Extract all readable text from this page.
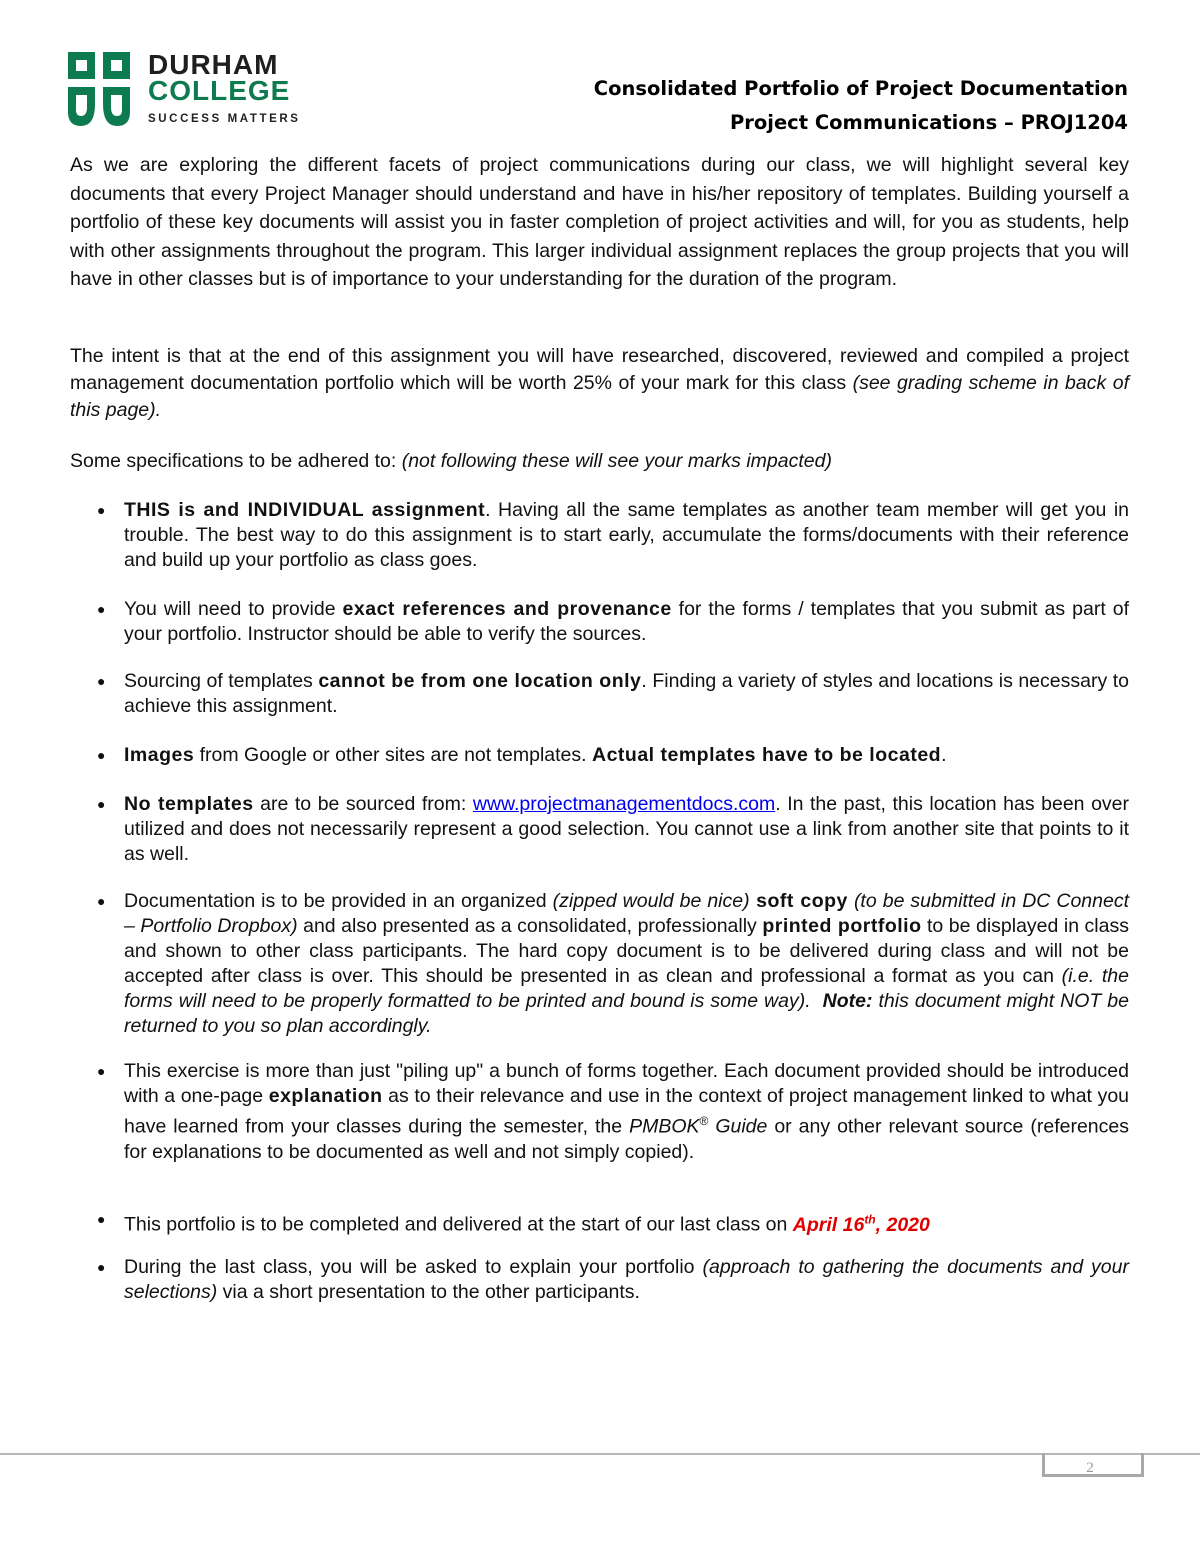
DURHAM
COLLEGE
SUCCESS MATTERS
Consolidated Portfolio of Project Documentation
Project Communications – PROJ1204

As we are exploring the different facets of project communications during our class, we will highlight several key documents that every Project Manager should understand and have in his/her repository of templates. Building yourself a portfolio of these key documents will assist you in faster completion of project activities and will, for you as students, help with other assignments throughout the program. This larger individual assignment replaces the group projects that you will have in other classes but is of importance to your understanding for the duration of the program.

The intent is that at the end of this assignment you will have researched, discovered, reviewed and compiled a project management documentation portfolio which will be worth 25% of your mark for this class (see grading scheme in back of this page).

Some specifications to be adhered to: (not following these will see your marks impacted)

● THIS is and INDIVIDUAL assignment. Having all the same templates as another team member will get you in trouble. The best way to do this assignment is to start early, accumulate the forms/documents with their reference and build up your portfolio as class goes.

● You will need to provide exact references and provenance for the forms / templates that you submit as part of your portfolio. Instructor should be able to verify the sources.

● Sourcing of templates cannot be from one location only. Finding a variety of styles and locations is necessary to achieve this assignment.

● Images from Google or other sites are not templates. Actual templates have to be located.

● No templates are to be sourced from: www.projectmanagementdocs.com. In the past, this location has been over utilized and does not necessarily represent a good selection. You cannot use a link from another site that points to it as well.

● Documentation is to be provided in an organized (zipped would be nice) soft copy (to be submitted in DC Connect – Portfolio Dropbox) and also presented as a consolidated, professionally printed portfolio to be displayed in class and shown to other class participants. The hard copy document is to be delivered during class and will not be accepted after class is over. This should be presented in as clean and professional a format as you can (i.e. the forms will need to be properly formatted to be printed and bound is some way). Note: this document might NOT be returned to you so plan accordingly.

● This exercise is more than just "piling up" a bunch of forms together. Each document provided should be introduced with a one-page explanation as to their relevance and use in the context of project management linked to what you have learned from your classes during the semester, the PMBOK® Guide or any other relevant source (references for explanations to be documented as well and not simply copied).

● This portfolio is to be completed and delivered at the start of our last class on April 16th, 2020

● During the last class, you will be asked to explain your portfolio (approach to gathering the documents and your selections) via a short presentation to the other participants.

2
